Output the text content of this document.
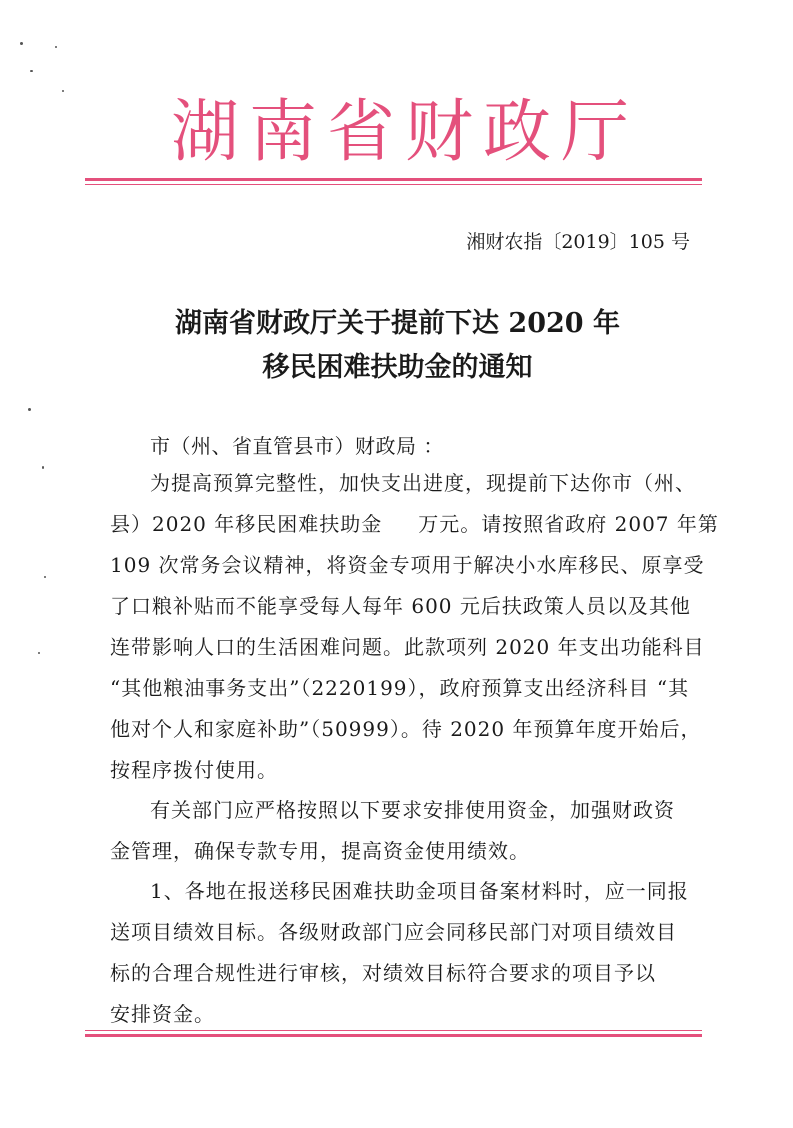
湖南省财政厅
湘财农指〔2019〕105 号
湖南省财政厅关于提前下达 2020 年
移民困难扶助金的通知
市（州、省直管县市）财政局 ：
为提高预算完整性，加快支出进度，现提前下达你市（州、
县）2020 年移民困难扶助金 万元。请按照省政府 2007 年第
109 次常务会议精神，将资金专项用于解决小水库移民、原享受
了口粮补贴而不能享受每人每年 600 元后扶政策人员以及其他
连带影响人口的生活困难问题。此款项列 2020 年支出功能科目
“其他粮油事务支出”（2220199），政府预算支出经济科目 “其
他对个人和家庭补助”（50999）。待 2020 年预算年度开始后，
按程序拨付使用。
有关部门应严格按照以下要求安排使用资金，加强财政资
金管理，确保专款专用，提高资金使用绩效。
1、各地在报送移民困难扶助金项目备案材料时，应一同报
送项目绩效目标。各级财政部门应会同移民部门对项目绩效目
标的合理合规性进行审核，对绩效目标符合要求的项目予以
安排资金。
